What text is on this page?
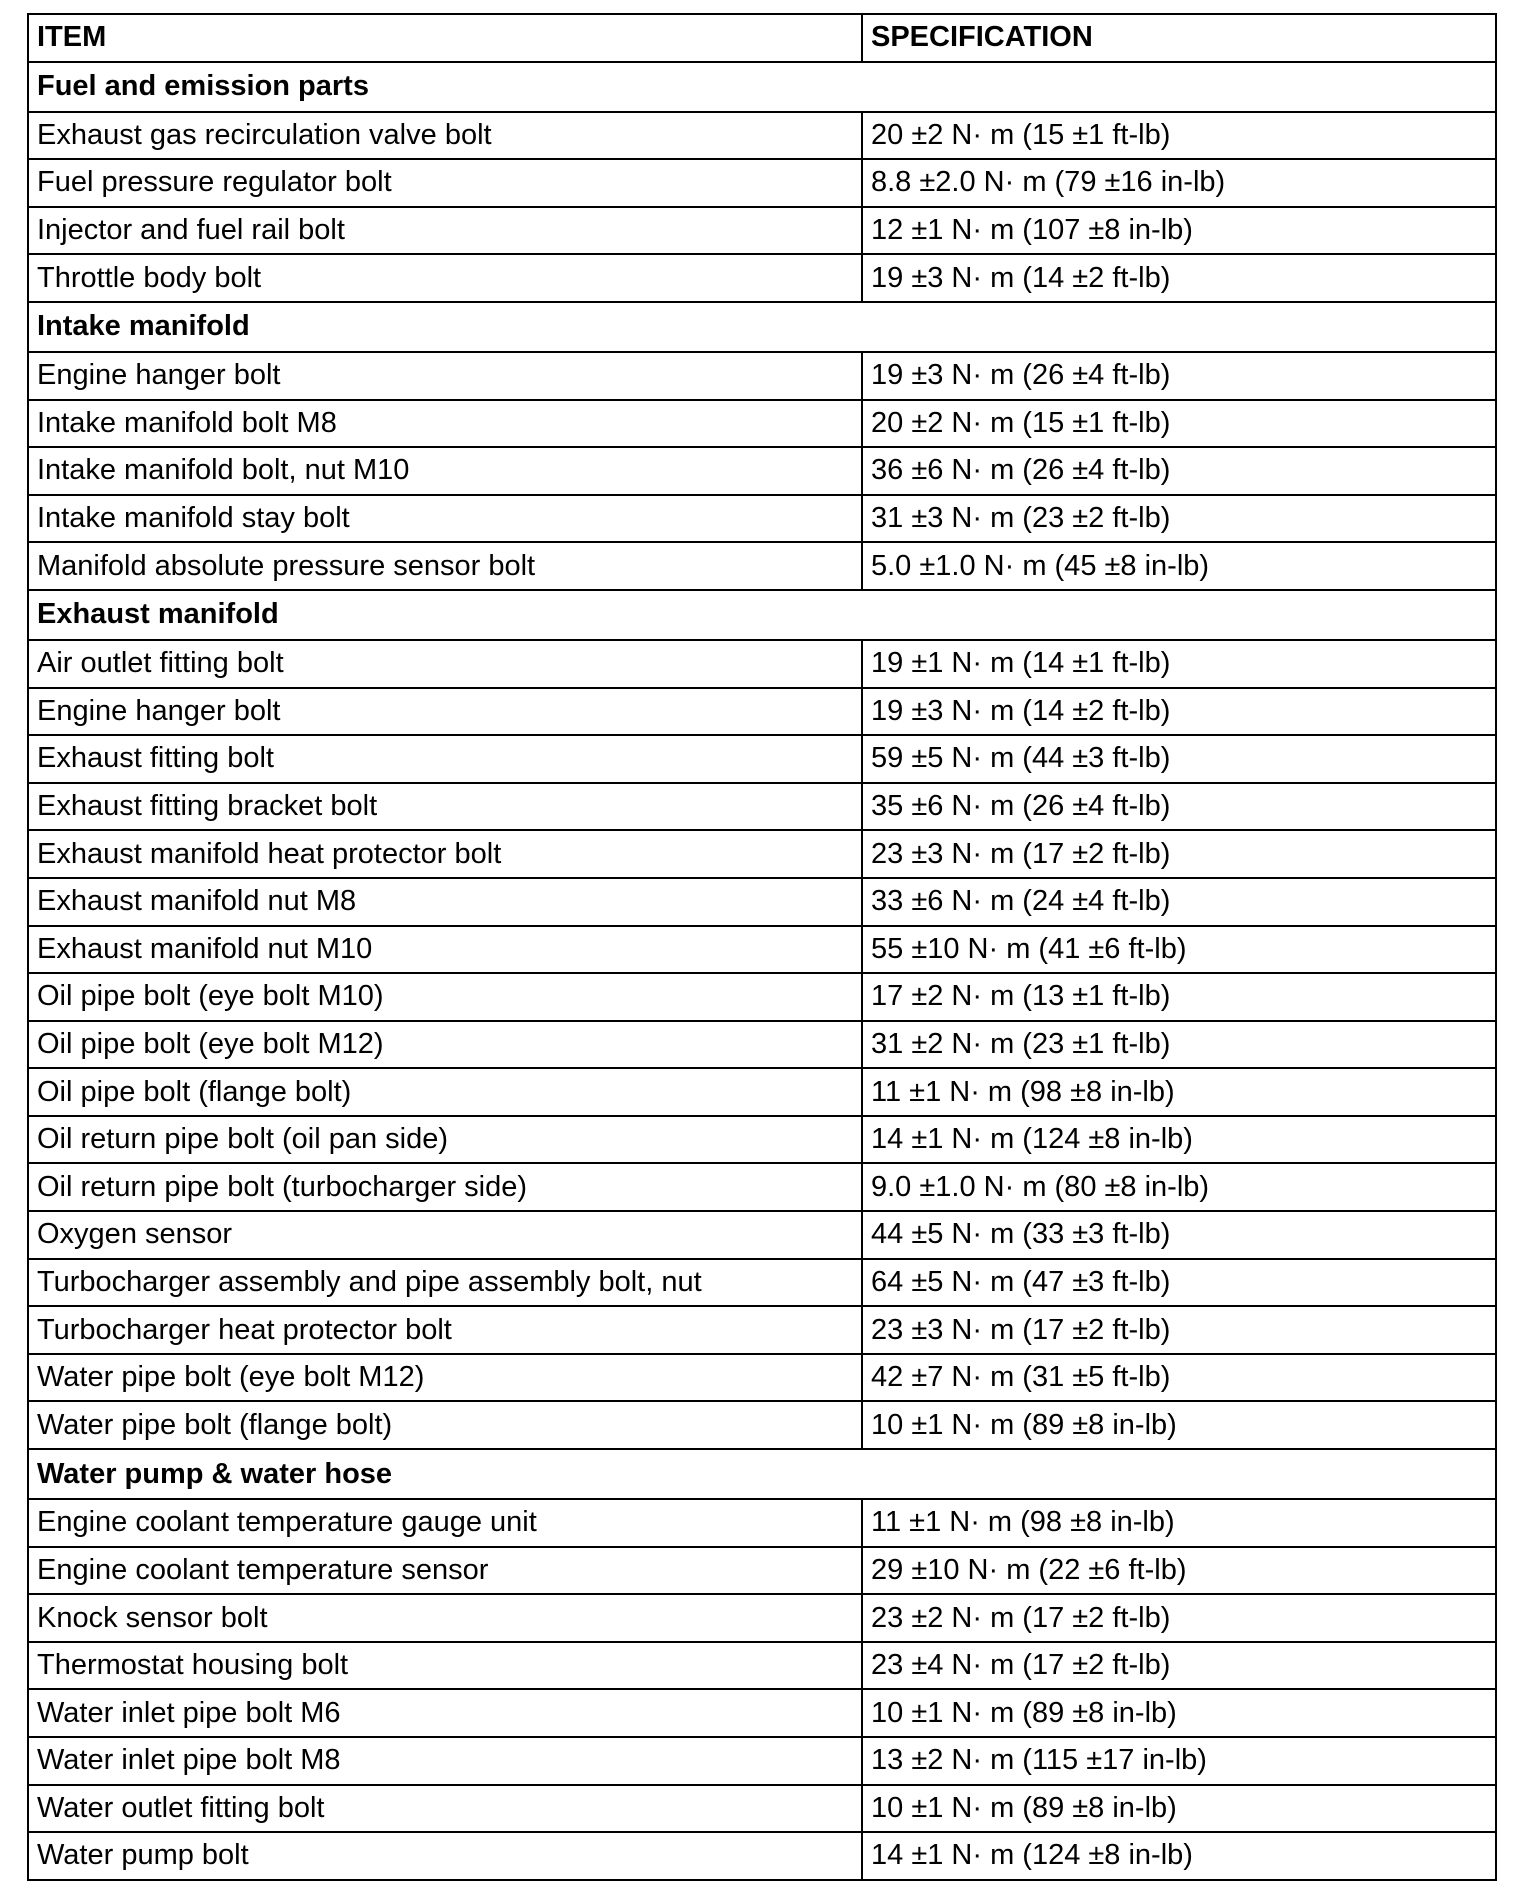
ITEM	SPECIFICATION
Fuel and emission parts	
Exhaust gas recirculation valve bolt	20 ±2 N· m (15 ±1 ft-lb)
Fuel pressure regulator bolt	8.8 ±2.0 N· m (79 ±16 in-lb)
Injector and fuel rail bolt	12 ±1 N· m (107 ±8 in-lb)
Throttle body bolt	19 ±3 N· m (14 ±2 ft-lb)
Intake manifold	
Engine hanger bolt	19 ±3 N· m (26 ±4 ft-lb)
Intake manifold bolt M8	20 ±2 N· m (15 ±1 ft-lb)
Intake manifold bolt, nut M10	36 ±6 N· m (26 ±4 ft-lb)
Intake manifold stay bolt	31 ±3 N· m (23 ±2 ft-lb)
Manifold absolute pressure sensor bolt	5.0 ±1.0 N· m (45 ±8 in-lb)
Exhaust manifold	
Air outlet fitting bolt	19 ±1 N· m (14 ±1 ft-lb)
Engine hanger bolt	19 ±3 N· m (14 ±2 ft-lb)
Exhaust fitting bolt	59 ±5 N· m (44 ±3 ft-lb)
Exhaust fitting bracket bolt	35 ±6 N· m (26 ±4 ft-lb)
Exhaust manifold heat protector bolt	23 ±3 N· m (17 ±2 ft-lb)
Exhaust manifold nut M8	33 ±6 N· m (24 ±4 ft-lb)
Exhaust manifold nut M10	55 ±10 N· m (41 ±6 ft-lb)
Oil pipe bolt (eye bolt M10)	17 ±2 N· m (13 ±1 ft-lb)
Oil pipe bolt (eye bolt M12)	31 ±2 N· m (23 ±1 ft-lb)
Oil pipe bolt (flange bolt)	11 ±1 N· m (98 ±8 in-lb)
Oil return pipe bolt (oil pan side)	14 ±1 N· m (124 ±8 in-lb)
Oil return pipe bolt (turbocharger side)	9.0 ±1.0 N· m (80 ±8 in-lb)
Oxygen sensor	44 ±5 N· m (33 ±3 ft-lb)
Turbocharger assembly and pipe assembly bolt, nut	64 ±5 N· m (47 ±3 ft-lb)
Turbocharger heat protector bolt	23 ±3 N· m (17 ±2 ft-lb)
Water pipe bolt (eye bolt M12)	42 ±7 N· m (31 ±5 ft-lb)
Water pipe bolt (flange bolt)	10 ±1 N· m (89 ±8 in-lb)
Water pump & water hose	
Engine coolant temperature gauge unit	11 ±1 N· m (98 ±8 in-lb)
Engine coolant temperature sensor	29 ±10 N· m (22 ±6 ft-lb)
Knock sensor bolt	23 ±2 N· m (17 ±2 ft-lb)
Thermostat housing bolt	23 ±4 N· m (17 ±2 ft-lb)
Water inlet pipe bolt M6	10 ±1 N· m (89 ±8 in-lb)
Water inlet pipe bolt M8	13 ±2 N· m (115 ±17 in-lb)
Water outlet fitting bolt	10 ±1 N· m (89 ±8 in-lb)
Water pump bolt	14 ±1 N· m (124 ±8 in-lb)
